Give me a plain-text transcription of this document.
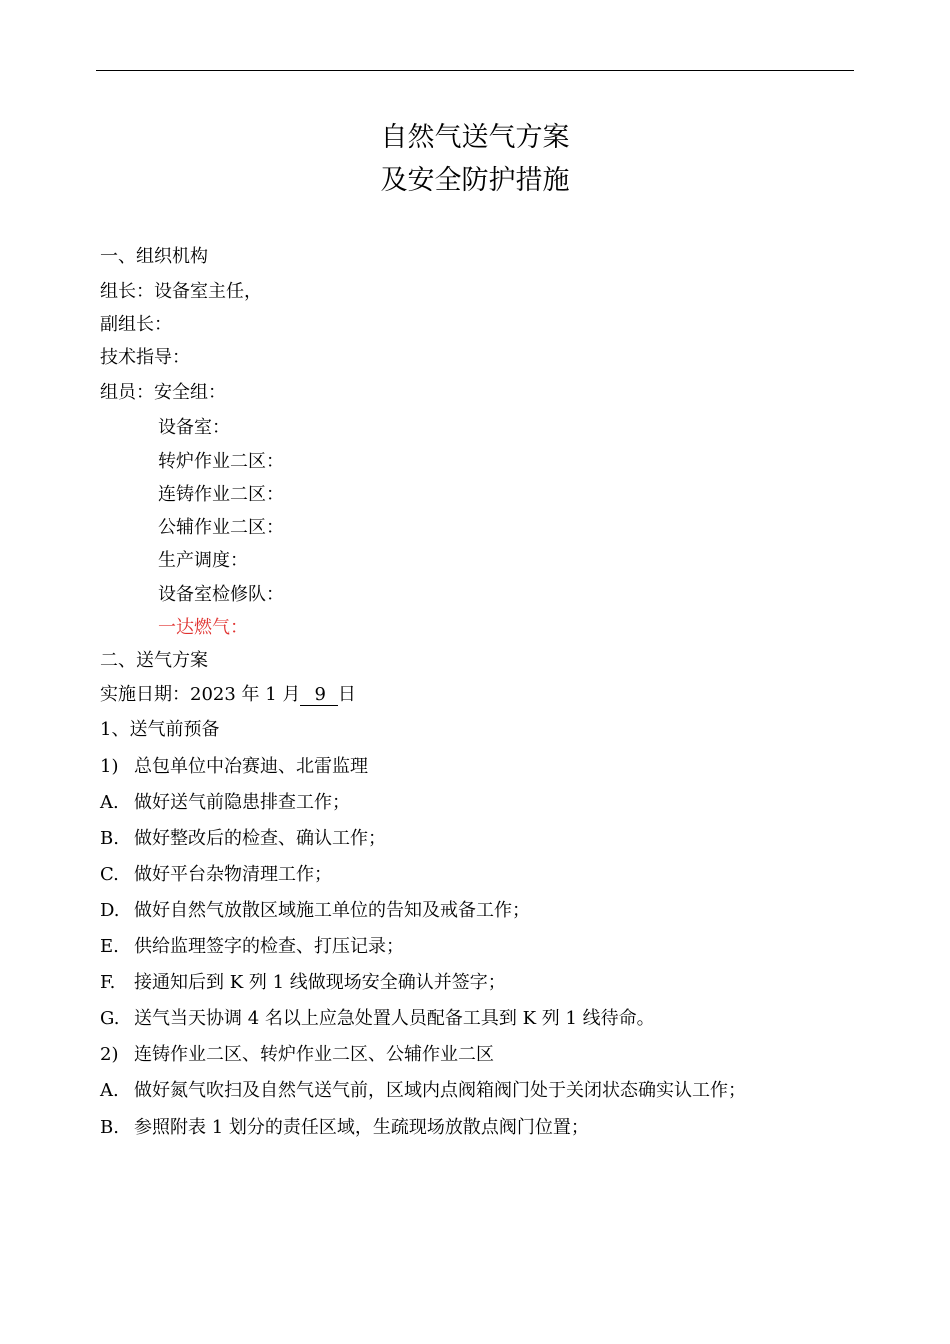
自然气送气方案
及安全防护措施
一、组织机构
组长：设备室主任，
副组长：
技术指导：
组员：安全组：
设备室：
转炉作业二区：
连铸作业二区：
公辅作业二区：
生产调度：
设备室检修队：
一达燃气：
二、送气方案
实施日期：2023 年 1 月 9 日
1、送气前预备
1) 总包单位中冶赛迪、北雷监理
A. 做好送气前隐患排查工作；
B. 做好整改后的检查、确认工作；
C. 做好平台杂物清理工作；
D. 做好自然气放散区域施工单位的告知及戒备工作；
E. 供给监理签字的检查、打压记录；
F. 接通知后到 K 列 1 线做现场安全确认并签字；
G. 送气当天协调 4 名以上应急处置人员配备工具到 K 列 1 线待命。
2) 连铸作业二区、转炉作业二区、公辅作业二区
A. 做好氮气吹扫及自然气送气前，区域内点阀箱阀门处于关闭状态确实认工作；
B. 参照附表 1 划分的责任区域，生疏现场放散点阀门位置；
